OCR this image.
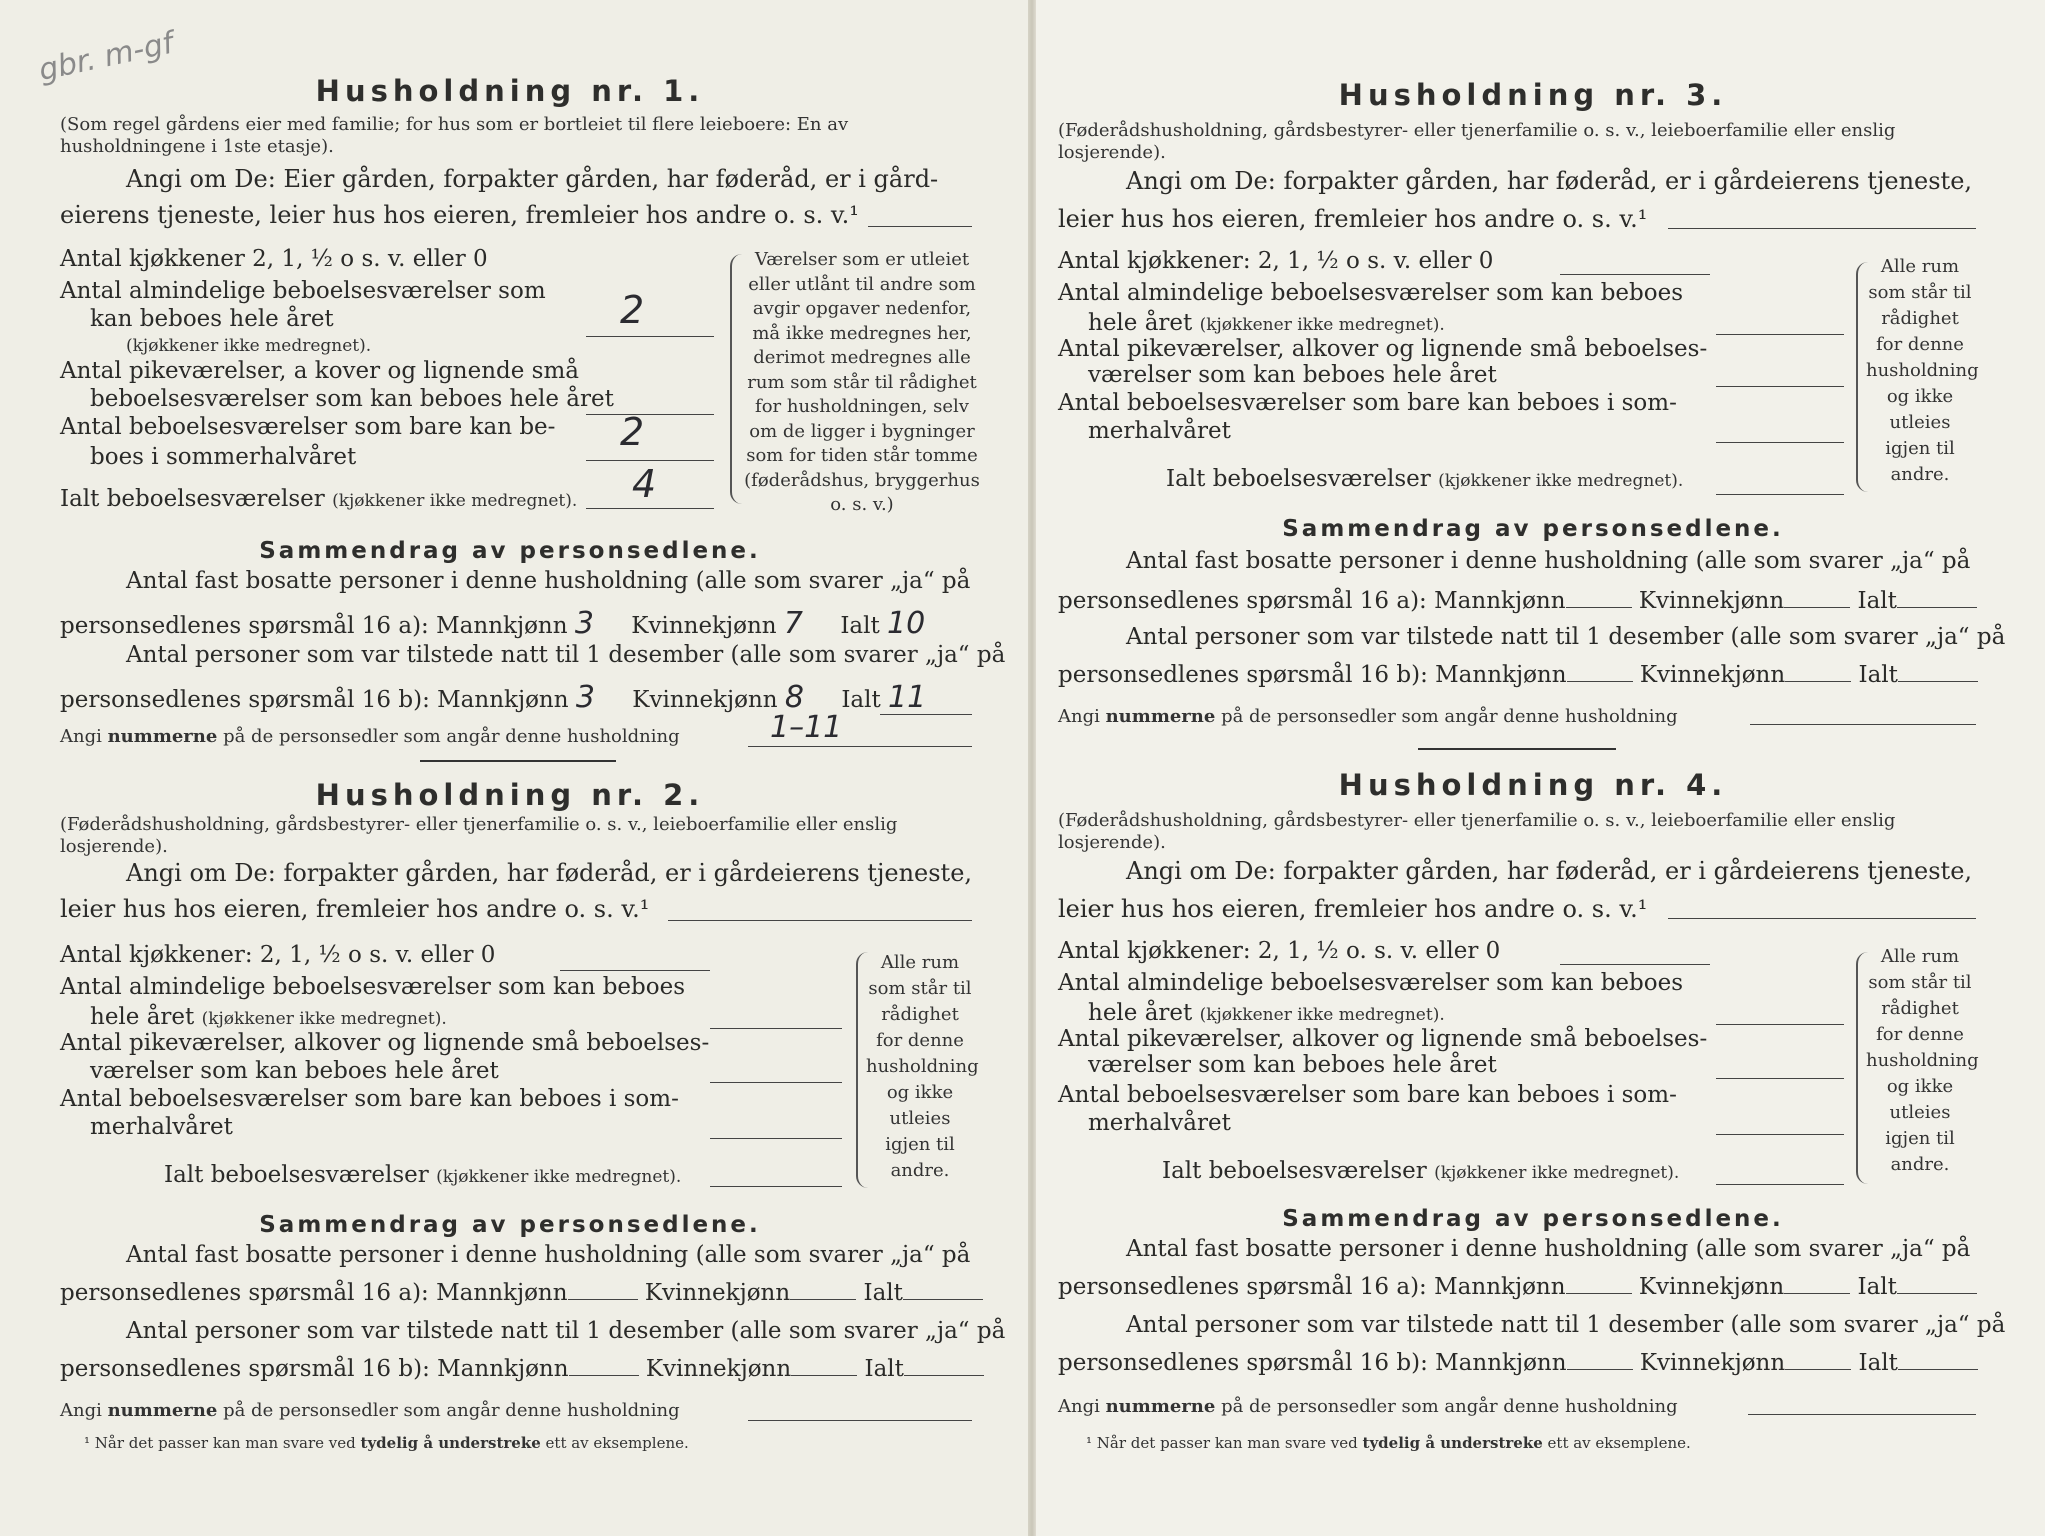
gbr. m-gf
Husholdning nr. 1.
(Som regel gårdens eier med familie; for hus som er bortleiet til flere leieboere: En av husholdningene i 1ste etasje).
Angi om De: Eier gården, forpakter gården, har føderåd, er i gård-
eierens tjeneste, leier hus hos eieren, fremleier hos andre o. s. v.¹
Antal kjøkkener 2, 1, ½ o s. v. eller 0
Antal almindelige beboelsesværelser som
kan beboes hele året
(kjøkkener ikke medregnet).
2
Antal pikeværelser, a kover og lignende små
beboelsesværelser som kan beboes hele året
Antal beboelsesværelser som bare kan be-
boes i sommerhalvåret
2
Ialt beboelsesværelser (kjøkkener ikke medregnet). 4
Værelser som er utleiet eller utlånt til andre som avgir opgaver nedenfor, må ikke medregnes her, derimot medregnes alle rum som står til rådighet for husholdningen, selv om de ligger i bygninger som for tiden står tomme (føderådshus, bryggerhus o. s. v.)
Sammendrag av personsedlene.
Antal fast bosatte personer i denne husholdning (alle som svarer „ja“ på
personsedlenes spørsmål 16 a): Mannkjønn 3 Kvinnekjønn 7 Ialt 10
Antal personer som var tilstede natt til 1 desember (alle som svarer „ja“ på
personsedlenes spørsmål 16 b): Mannkjønn 3 Kvinnekjønn 8 Ialt 11
Angi nummerne på de personsedler som angår denne husholdning	1–11
Husholdning nr. 2.
(Føderådshusholdning, gårdsbestyrer- eller tjenerfamilie o. s. v., leieboerfamilie eller enslig losjerende).
Angi om De: forpakter gården, har føderåd, er i gårdeierens tjeneste,
leier hus hos eieren, fremleier hos andre o. s. v.¹
Antal kjøkkener: 2, 1, ½ o s. v. eller 0
Antal almindelige beboelsesværelser som kan beboes
hele året (kjøkkener ikke medregnet).
Antal pikeværelser, alkover og lignende små beboelses-
værelser som kan beboes hele året
Antal beboelsesværelser som bare kan beboes i som-
merhalvåret
Ialt beboelsesværelser (kjøkkener ikke medregnet).
Alle rum som står til rådighet for denne husholdning og ikke utleies igjen til andre.
Sammendrag av personsedlene.
Antal fast bosatte personer i denne husholdning (alle som svarer „ja“ på
personsedlenes spørsmål 16 a): Mannkjønn	Kvinnekjønn	Ialt
Antal personer som var tilstede natt til 1 desember (alle som svarer „ja“ på
personsedlenes spørsmål 16 b): Mannkjønn	Kvinnekjønn	Ialt
Angi nummerne på de personsedler som angår denne husholdning
¹ Når det passer kan man svare ved tydelig å understreke ett av eksemplene.
Husholdning nr. 3.
(Føderådshusholdning, gårdsbestyrer- eller tjenerfamilie o. s. v., leieboerfamilie eller enslig losjerende).
Angi om De: forpakter gården, har føderåd, er i gårdeierens tjeneste,
leier hus hos eieren, fremleier hos andre o. s. v.¹
Antal kjøkkener: 2, 1, ½ o s. v. eller 0
Antal almindelige beboelsesværelser som kan beboes
hele året (kjøkkener ikke medregnet).
Antal pikeværelser, alkover og lignende små beboelses-
værelser som kan beboes hele året
Antal beboelsesværelser som bare kan beboes i som-
merhalvåret
Ialt beboelsesværelser (kjøkkener ikke medregnet).
Alle rum som står til rådighet for denne husholdning og ikke utleies igjen til andre.
Sammendrag av personsedlene.
Antal fast bosatte personer i denne husholdning (alle som svarer „ja“ på
personsedlenes spørsmål 16 a): Mannkjønn	Kvinnekjønn	Ialt
Antal personer som var tilstede natt til 1 desember (alle som svarer „ja“ på
personsedlenes spørsmål 16 b): Mannkjønn	Kvinnekjønn	Ialt
Angi nummerne på de personsedler som angår denne husholdning
Husholdning nr. 4.
(Føderådshusholdning, gårdsbestyrer- eller tjenerfamilie o. s. v., leieboerfamilie eller enslig losjerende).
Angi om De: forpakter gården, har føderåd, er i gårdeierens tjeneste,
leier hus hos eieren, fremleier hos andre o. s. v.¹
Antal kjøkkener: 2, 1, ½ o. s. v. eller 0
Antal almindelige beboelsesværelser som kan beboes
hele året (kjøkkener ikke medregnet).
Antal pikeværelser, alkover og lignende små beboelses-
værelser som kan beboes hele året
Antal beboelsesværelser som bare kan beboes i som-
merhalvåret
Ialt beboelsesværelser (kjøkkener ikke medregnet).
Alle rum som står til rådighet for denne husholdning og ikke utleies igjen til andre.
Sammendrag av personsedlene.
Antal fast bosatte personer i denne husholdning (alle som svarer „ja“ på
personsedlenes spørsmål 16 a): Mannkjønn	Kvinnekjønn	Ialt
Antal personer som var tilstede natt til 1 desember (alle som svarer „ja“ på
personsedlenes spørsmål 16 b): Mannkjønn	Kvinnekjønn	Ialt
Angi nummerne på de personsedler som angår denne husholdning
¹ Når det passer kan man svare ved tydelig å understreke ett av eksemplene.
